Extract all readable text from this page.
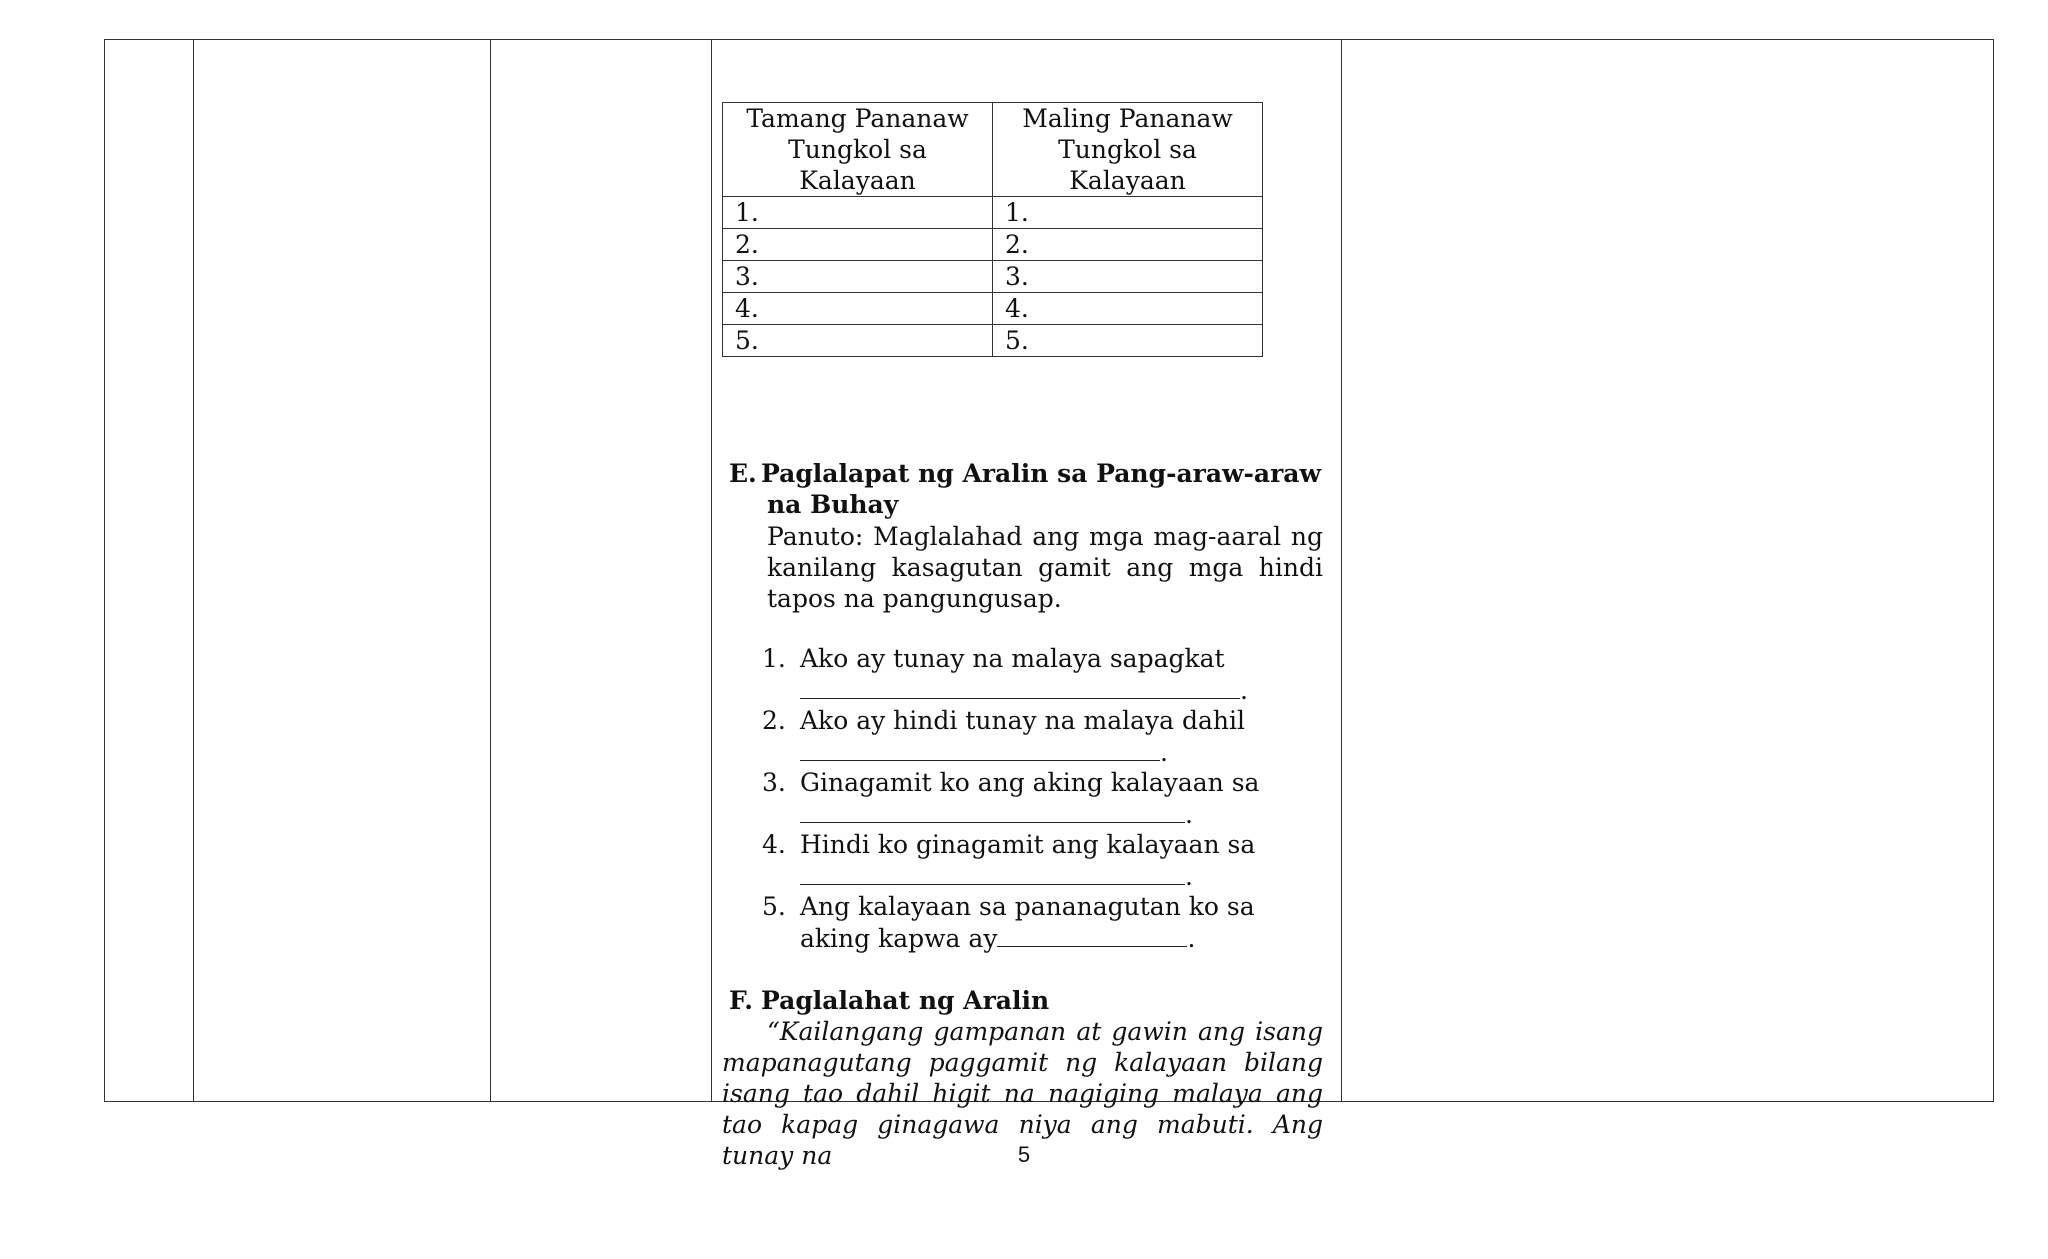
Tamang Pananaw Tungkol sa Kalayaan	Maling Pananaw Tungkol sa Kalayaan
1.	1.
2.	2.
3.	3.
4.	4.
5.	5.
E. Paglalapat ng Aralin sa Pang-araw-araw
na Buhay
Panuto: Maglalahad ang mga mag-aaral ng kanilang kasagutan gamit ang mga hindi tapos na pangungusap.
1. Ako ay tunay na malaya sapagkat
.
2. Ako ay hindi tunay na malaya dahil
.
3. Ginagamit ko ang aking kalayaan sa
.
4. Hindi ko ginagamit ang kalayaan sa
.
5. Ang kalayaan sa pananagutan ko sa
aking kapwa ay	.
F. Paglalahat ng Aralin
“Kailangang gampanan at gawin ang isang mapanagutang paggamit ng kalayaan bilang isang tao dahil higit na nagiging malaya ang tao kapag ginagawa niya ang mabuti. Ang tunay na	5
